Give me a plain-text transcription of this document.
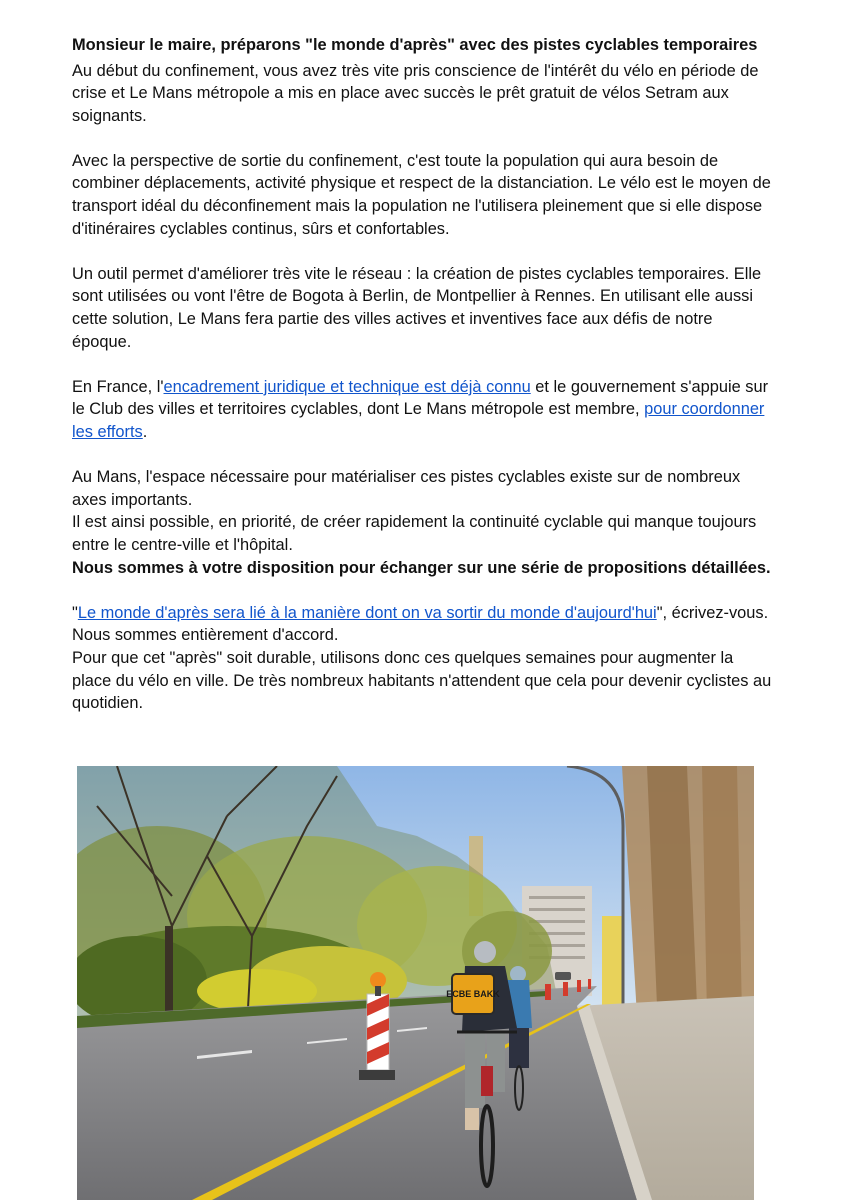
Monsieur le maire, préparons "le monde d'après" avec des pistes cyclables temporaires

Au début du confinement, vous avez très vite pris conscience de l'intérêt du vélo en période de crise et Le Mans métropole a mis en place avec succès le prêt gratuit de vélos Setram aux soignants.

Avec la perspective de sortie du confinement, c'est toute la population qui aura besoin de combiner déplacements, activité physique et respect de la distanciation. Le vélo est le moyen de transport idéal du déconfinement mais la population ne l'utilisera pleinement que si elle dispose d'itinéraires cyclables continus, sûrs et confortables.

Un outil permet d'améliorer très vite le réseau : la création de pistes cyclables temporaires. Elle sont utilisées ou vont l'être de Bogota à Berlin, de Montpellier à Rennes. En utilisant elle aussi cette solution, Le Mans fera partie des villes actives et inventives face aux défis de notre époque.

En France, l'encadrement juridique et technique est déjà connu et le gouvernement s'appuie sur le Club des villes et territoires cyclables, dont Le Mans métropole est membre, pour coordonner les efforts.

Au Mans, l'espace nécessaire pour matérialiser ces pistes cyclables existe sur de nombreux axes importants.

Il est ainsi possible, en priorité, de créer rapidement la continuité cyclable qui manque toujours entre le centre-ville et l'hôpital.

Nous sommes à votre disposition pour échanger sur une série de propositions détaillées.

"Le monde d'après sera lié à la manière dont on va sortir du monde d'aujourd'hui", écrivez-vous. Nous sommes entièrement d'accord.

Pour que cet "après" soit durable, utilisons donc ces quelques semaines pour augmenter la place du vélo en ville. De très nombreux habitants n'attendent que cela pour devenir cyclistes au quotidien.

ECBE BAKK
